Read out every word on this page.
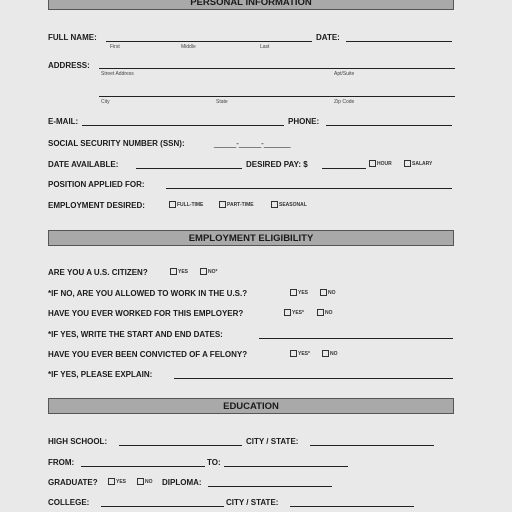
PERSONAL INFORMATION
FULL NAME:
First	Middle	Last
DATE:
ADDRESS:
Street Address	Apt/Suite
City	State	Zip Code
E-MAIL:	PHONE:
SOCIAL SECURITY NUMBER (SSN):	_____-_____-______
DATE AVAILABLE:	DESIRED PAY: $	HOUR	SALARY
POSITION APPLIED FOR:
EMPLOYMENT DESIRED:	FULL-TIME	PART-TIME	SEASONAL
EMPLOYMENT ELIGIBILITY
ARE YOU A U.S. CITIZEN?	YES	NO*
*IF NO, ARE YOU ALLOWED TO WORK IN THE U.S.?	YES	NO
HAVE YOU EVER WORKED FOR THIS EMPLOYER?	YES*	NO
*IF YES, WRITE THE START AND END DATES:
HAVE YOU EVER BEEN CONVICTED OF A FELONY?	YES*	NO
*IF YES, PLEASE EXPLAIN:
EDUCATION
HIGH SCHOOL:	CITY / STATE:
FROM:	TO:
GRADUATE?	YES	NO DIPLOMA:
COLLEGE:	CITY / STATE:
